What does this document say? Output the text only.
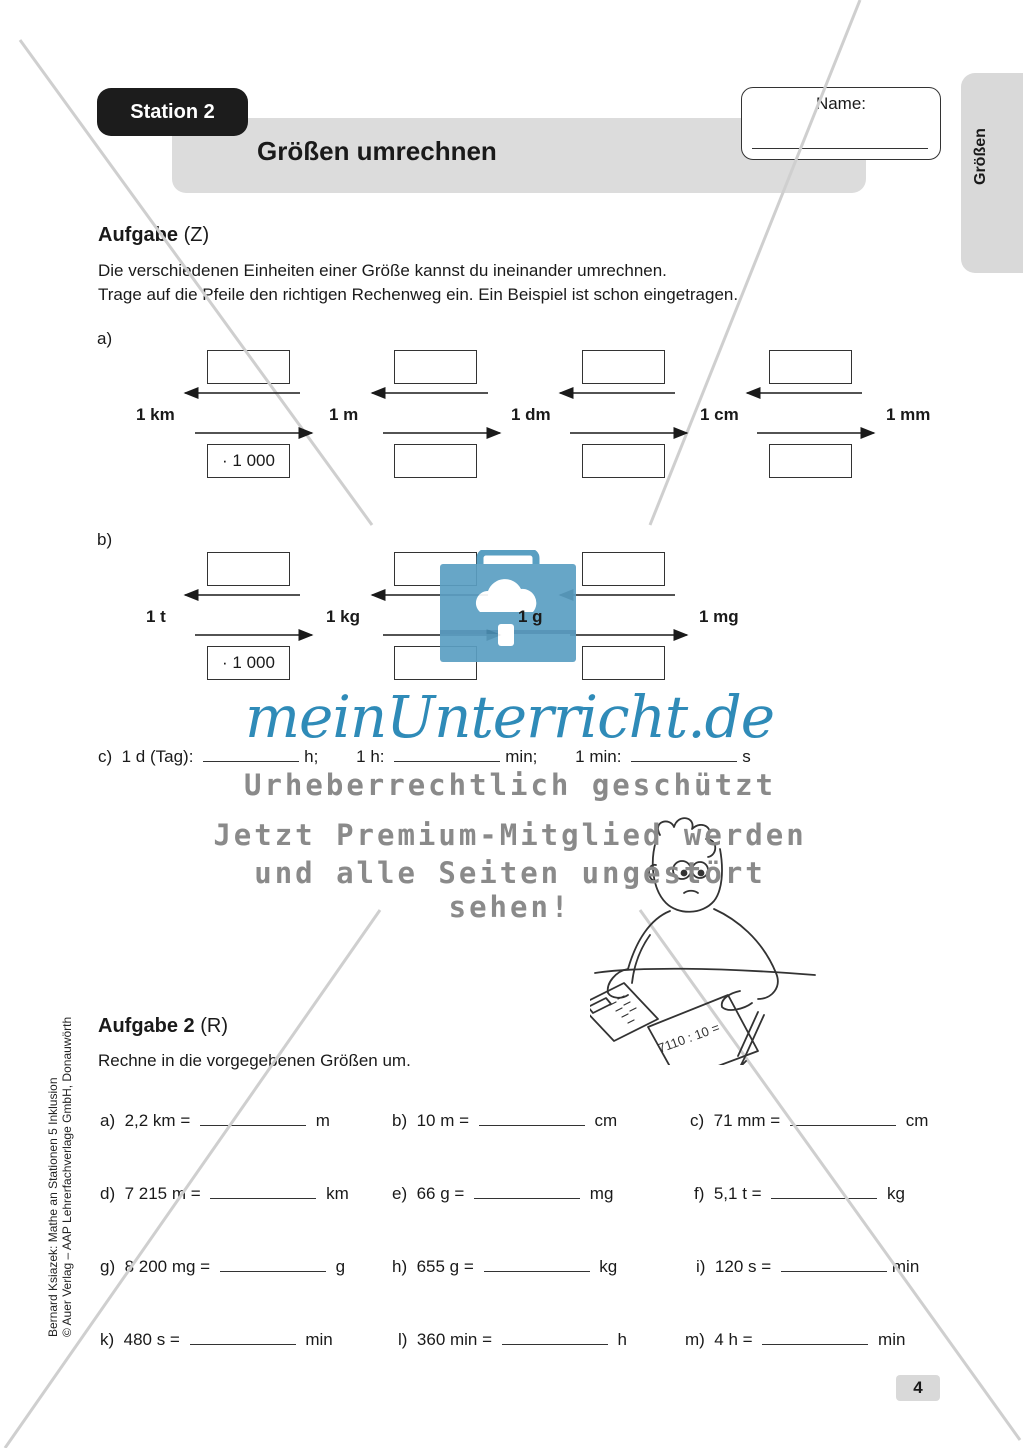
Station 2
Größen umrechnen
Name:
Größen
Aufgabe (Z)
Die verschiedenen Einheiten einer Größe kannst du ineinander umrechnen.
Trage auf die Pfeile den richtigen Rechenweg ein. Ein Beispiel ist schon eingetragen.
a)
· 1 000
1 km	1 m	1 dm	1 cm	1 mm
b)
· 1 000
1 t	1 kg	1 g	1 mg
c) 1 d (Tag):	h; 1 h:	min; 1 min:	s
meinUnterricht.de
Urheberrechtlich geschützt
Jetzt Premium-Mitglied werden
und alle Seiten ungestört sehen!
7110 : 10 =
Aufgabe 2 (R)
Rechne in die vorgegebenen Größen um.
a) 2,2 km =	m	b) 10 m =	cm	c) 71 mm =	cm
d) 7 215 m =	km	e) 66 g =	mg	f) 5,1 t =	kg
g) 8 200 mg =	g	h) 655 g =	kg	i) 120 s =	min
k) 480 s =	min	l) 360 min =	h	m) 4 h =	min
Bernard Ksiazek: Mathe an Stationen 5 Inklusion © Auer Verlag – AAP Lehrerfachverlage GmbH, Donauwörth
4
